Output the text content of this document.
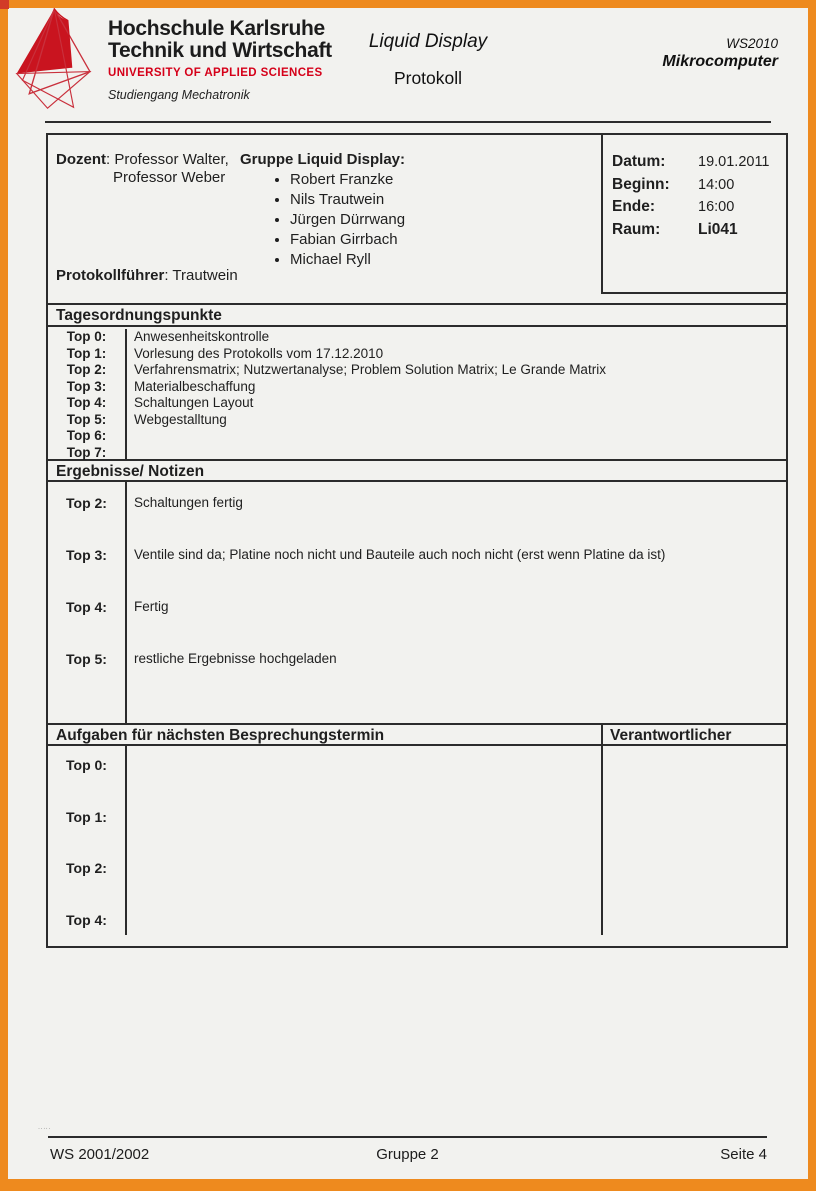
Hochschule Karlsruhe
Technik und Wirtschaft
UNIVERSITY OF APPLIED SCIENCES
Studiengang Mechatronik
Liquid Display
Protokoll
WS2010
Mikrocomputer
Dozent: Professor Walter,
Professor Weber
Gruppe Liquid Display:
• Robert Franzke
• Nils Trautwein
• Jürgen Dürrwang
• Fabian Girrbach
• Michael Ryll
Protokollführer: Trautwein
Datum:	19.01.2011
Beginn:	14:00
Ende:	16:00
Raum:	Li041
Tagesordnungspunkte
Top 0:	Anwesenheitskontrolle
Top 1:	Vorlesung des Protokolls vom 17.12.2010
Top 2:	Verfahrensmatrix; Nutzwertanalyse; Problem Solution Matrix; Le Grande Matrix
Top 3:	Materialbeschaffung
Top 4:	Schaltungen Layout
Top 5:	Webgestalltung
Top 6:
Top 7:
Ergebnisse/ Notizen
Top 2:	Schaltungen fertig
Top 3:	Ventile sind da; Platine noch nicht und Bauteile auch noch nicht (erst wenn Platine da ist)
Top 4:	Fertig
Top 5:	restliche Ergebnisse hochgeladen
Aufgaben für nächsten Besprechungstermin	Verantwortlicher
Top 0:
Top 1:
Top 2:
Top 4:
·····
WS 2001/2002	Gruppe 2	Seite 4
